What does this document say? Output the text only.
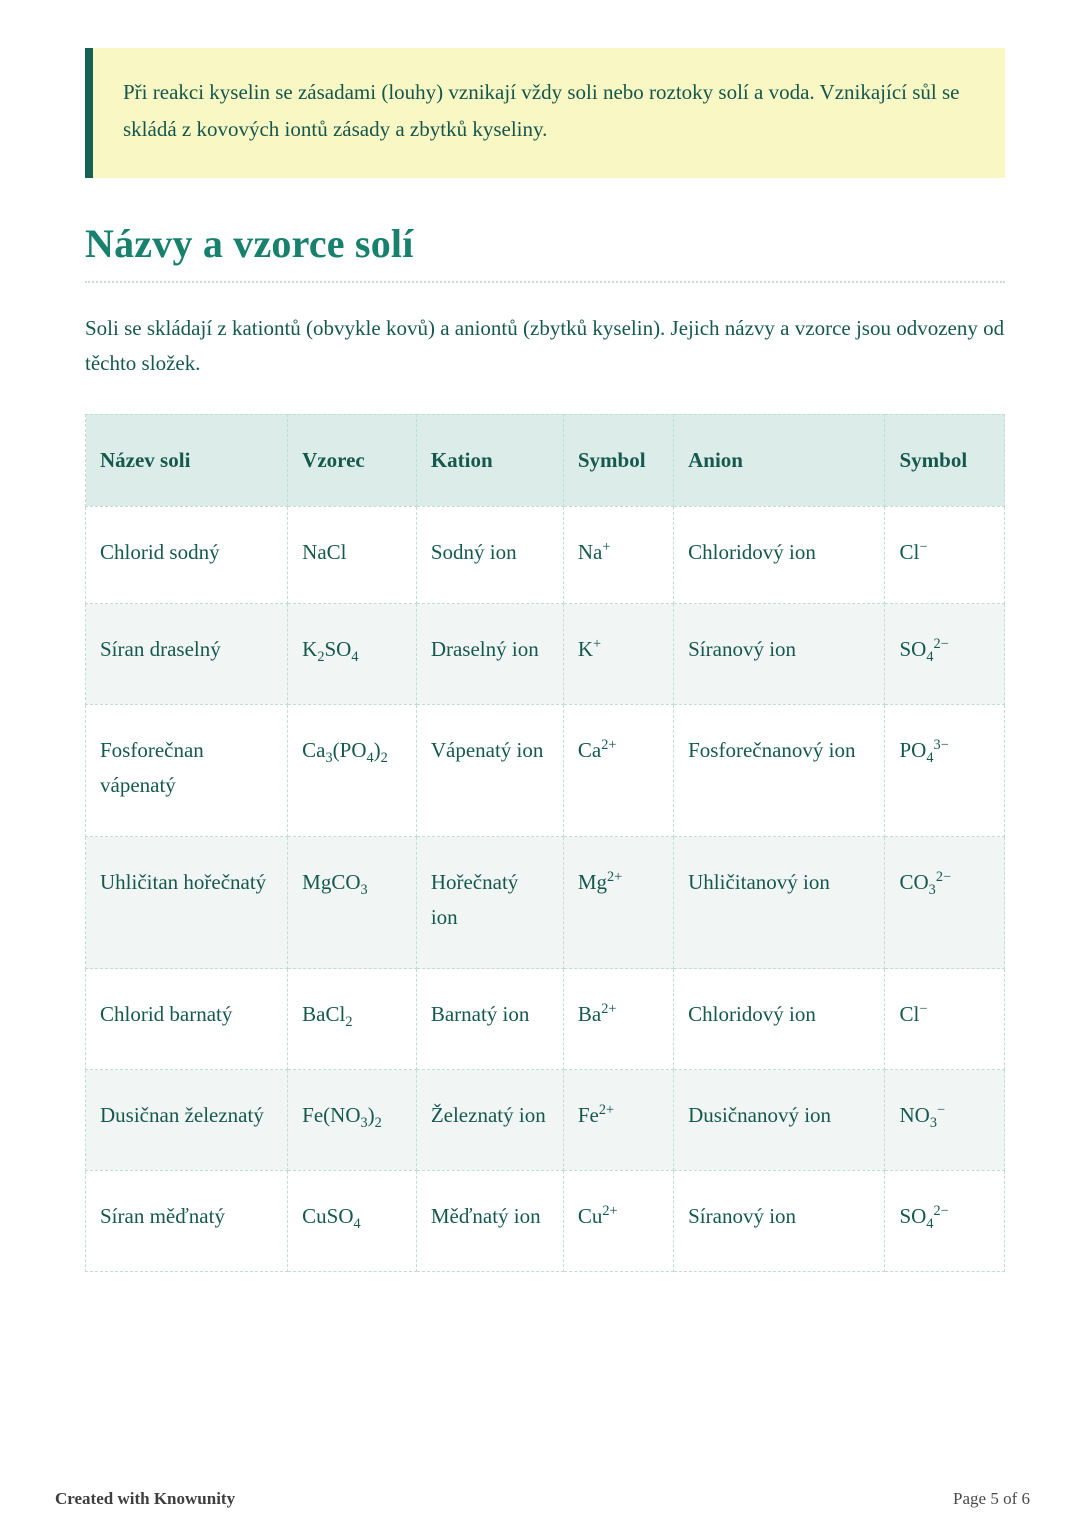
Při reakci kyselin se zásadami (louhy) vznikají vždy soli nebo roztoky solí a voda. Vznikající sůl se skládá z kovových iontů zásady a zbytků kyseliny.
Názvy a vzorce solí

Soli se skládají z kationtů (obvykle kovů) a aniontů (zbytků kyselin). Jejich názvy a vzorce jsou odvozeny od těchto složek.

Název soli	Vzorec	Kation	Symbol	Anion	Symbol
Chlorid sodný	NaCl	Sodný ion	Na+	Chloridový ion	Cl−
Síran draselný	$K_2SO_4$	Draselný ion	K+	Síranový ion	$SO_4^{2-}$
Fosforečnan vápenatý	$Ca_3(PO_4)_2$	Vápenatý ion	$Ca^{2+}$	Fosforečnanový ion	$PO_4^{3-}$
Uhličitan hořečnatý	MgCO$_3$	Hořečnatý ion	$Mg^{2+}$	Uhličitanový ion	$CO_3^{2-}$
Chlorid barnatý	BaCl$_2$	Barnatý ion	$Ba^{2+}$	Chloridový ion	Cl−
Dusičnan železnatý	$Fe(NO_3)_2$	Železnatý ion	$Fe^{2+}$	Dusičnanový ion	$NO_3^-$
Síran měďnatý	CuSO$_4$	Měďnatý ion	$Cu^{2+}$	Síranový ion	$SO_4^{2-}$
Created with Knowunity	Page 5 of 6
